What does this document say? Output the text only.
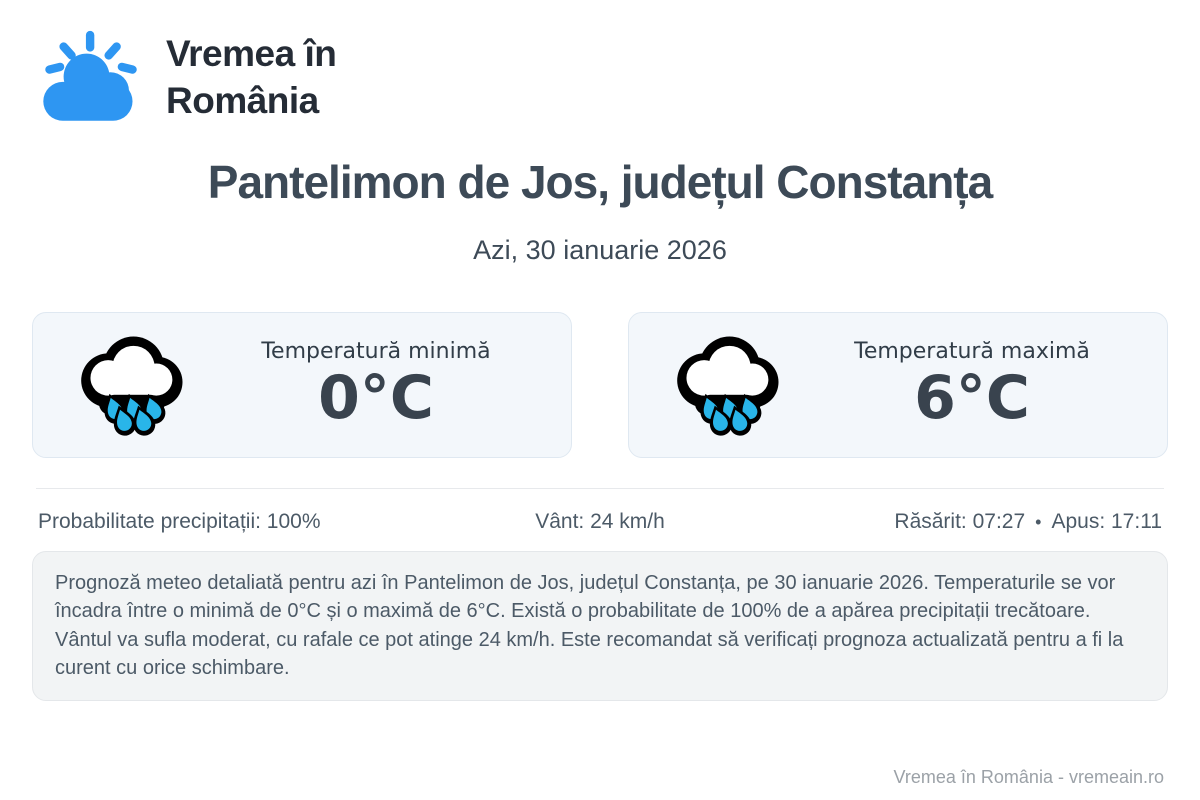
Vremea în
România
Pantelimon de Jos, județul Constanța
Azi, 30 ianuarie 2026
Temperatură minimă
0°C
Temperatură maximă
6°C
Probabilitate precipitații: 100%	Vânt: 24 km/h	Răsărit: 07:27 • Apus: 17:11
Prognoză meteo detaliată pentru azi în Pantelimon de Jos, județul Constanța, pe 30 ianuarie 2026. Temperaturile se vor încadra între o minimă de 0°C și o maximă de 6°C. Există o probabilitate de 100% de a apărea precipitații trecătoare. Vântul va sufla moderat, cu rafale ce pot atinge 24 km/h. Este recomandat să verificați prognoza actualizată pentru a fi la curent cu orice schimbare.
Vremea în România - vremeain.ro
